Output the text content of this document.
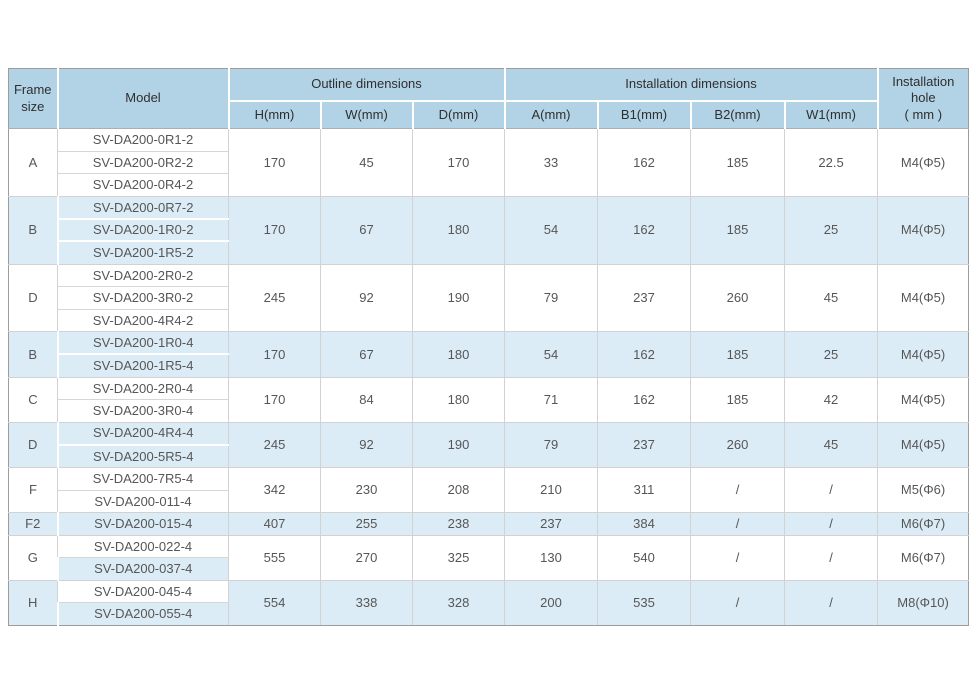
Frame size	Model	Outline dimensions			Installation dimensions				Installation hole
( mm )
		H(mm)	W(mm)	D(mm)	A(mm)	B1(mm)	B2(mm)	W1(mm)	
A	SV-DA200-0R1-2	170	45	170	33	162	185	22.5	M4(Φ5)
	SV-DA200-0R2-2								
	SV-DA200-0R4-2								
B	SV-DA200-0R7-2	170	67	180	54	162	185	25	M4(Φ5)
	SV-DA200-1R0-2								
	SV-DA200-1R5-2								
D	SV-DA200-2R0-2	245	92	190	79	237	260	45	M4(Φ5)
	SV-DA200-3R0-2								
	SV-DA200-4R4-2								
B	SV-DA200-1R0-4	170	67	180	54	162	185	25	M4(Φ5)
	SV-DA200-1R5-4								
C	SV-DA200-2R0-4	170	84	180	71	162	185	42	M4(Φ5)
	SV-DA200-3R0-4								
D	SV-DA200-4R4-4	245	92	190	79	237	260	45	M4(Φ5)
	SV-DA200-5R5-4								
F	SV-DA200-7R5-4	342	230	208	210	311	/	/	M5(Φ6)
	SV-DA200-011-4								
F2	SV-DA200-015-4	407	255	238	237	384	/	/	M6(Φ7)
G	SV-DA200-022-4	555	270	325	130	540	/	/	M6(Φ7)
	SV-DA200-037-4								
H	SV-DA200-045-4	554	338	328	200	535	/	/	M8(Φ10)
	SV-DA200-055-4								
